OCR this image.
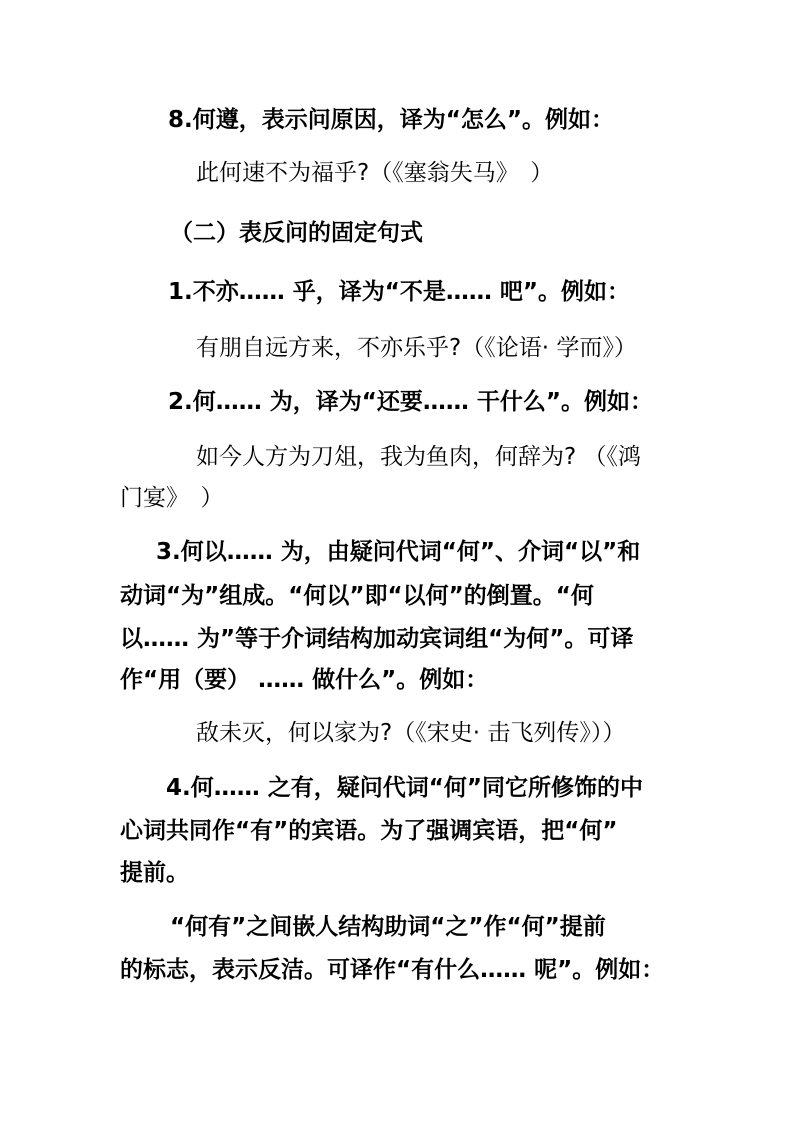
8.何遵，表示问原因，译为“怎么”。例如：
此何速不为福乎?（《塞翁失马》　）
（二）表反问的固定句式
1.不亦…… 乎，译为“不是…… 吧”。例如：
有朋自远方来，不亦乐乎?（《论语· 学而》）
2.何…… 为，译为“还要…… 干什么”。例如：
如今人方为刀俎，我为鱼肉，何辞为? （《鸿
门宴》　）
3.何以…… 为，由疑问代词“何”、介词“以”和
动词“为”组成。“何以”即“以何”的倒置。“何
以…… 为”等于介词结构加动宾词组“为何”。可译
作“用（要） …… 做什么”。例如：
敌未灭，何以家为?（《宋史· 击飞列传》））
4.何…… 之有，疑问代词“何”同它所修饰的中
心词共同作“有”的宾语。为了强调宾语，把“何”
提前。
“何有”之间嵌人结构助词“之”作“何”提前
的标志，表示反洁。可译作“有什么…… 呢”。例如：
